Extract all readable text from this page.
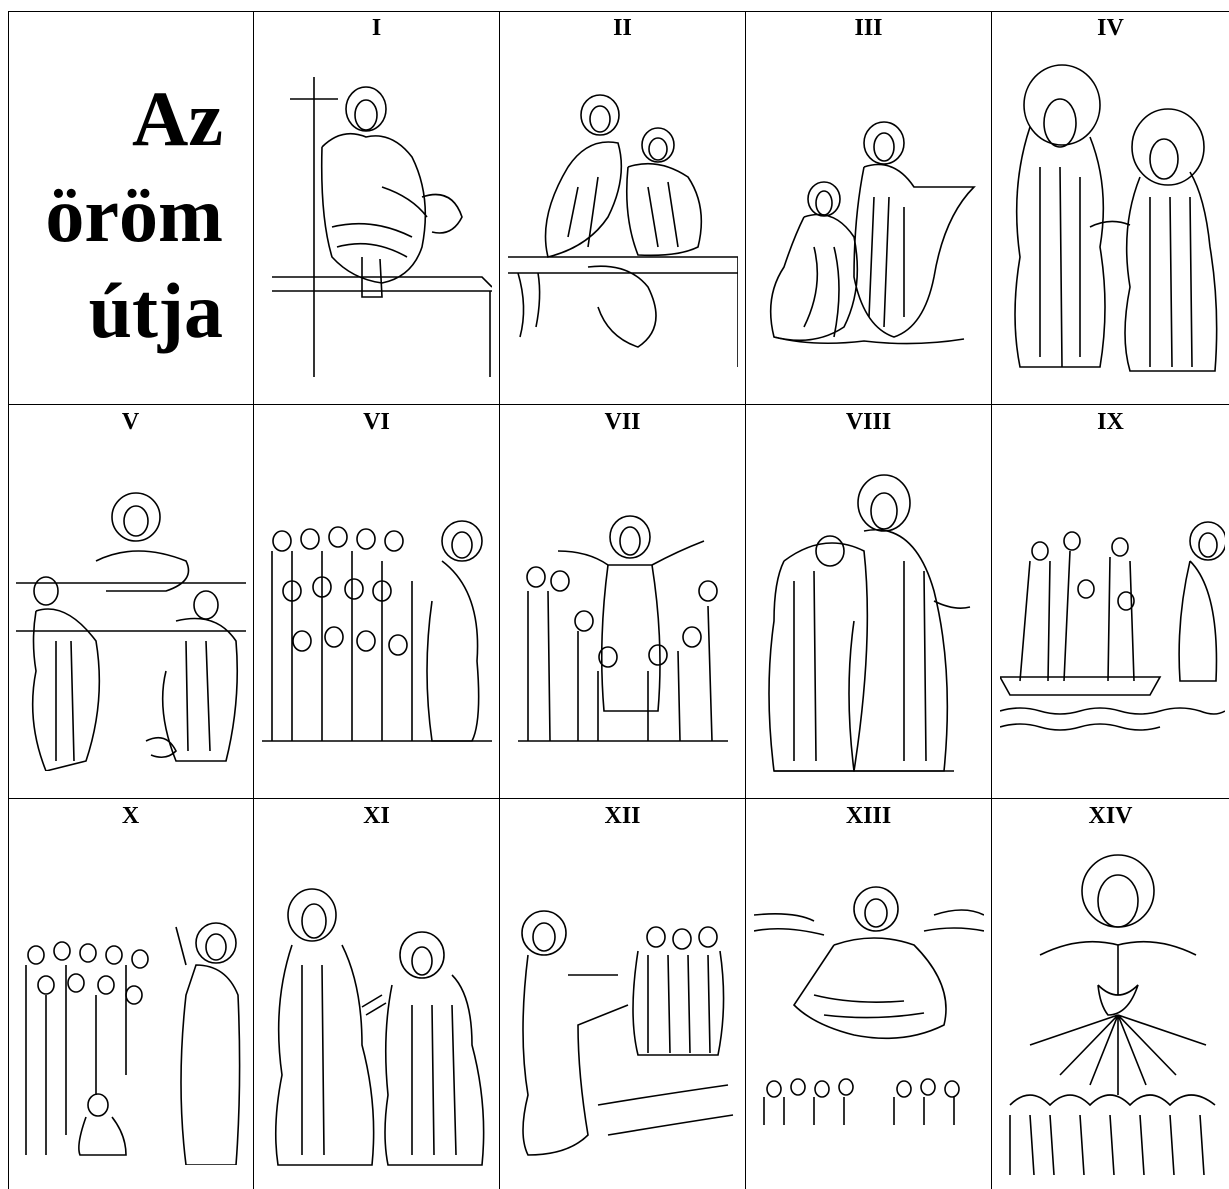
Az
öröm
útja
I	II	III	IV
V	VI	VII	VIII	IX
X	XI	XII	XIII	XIV
